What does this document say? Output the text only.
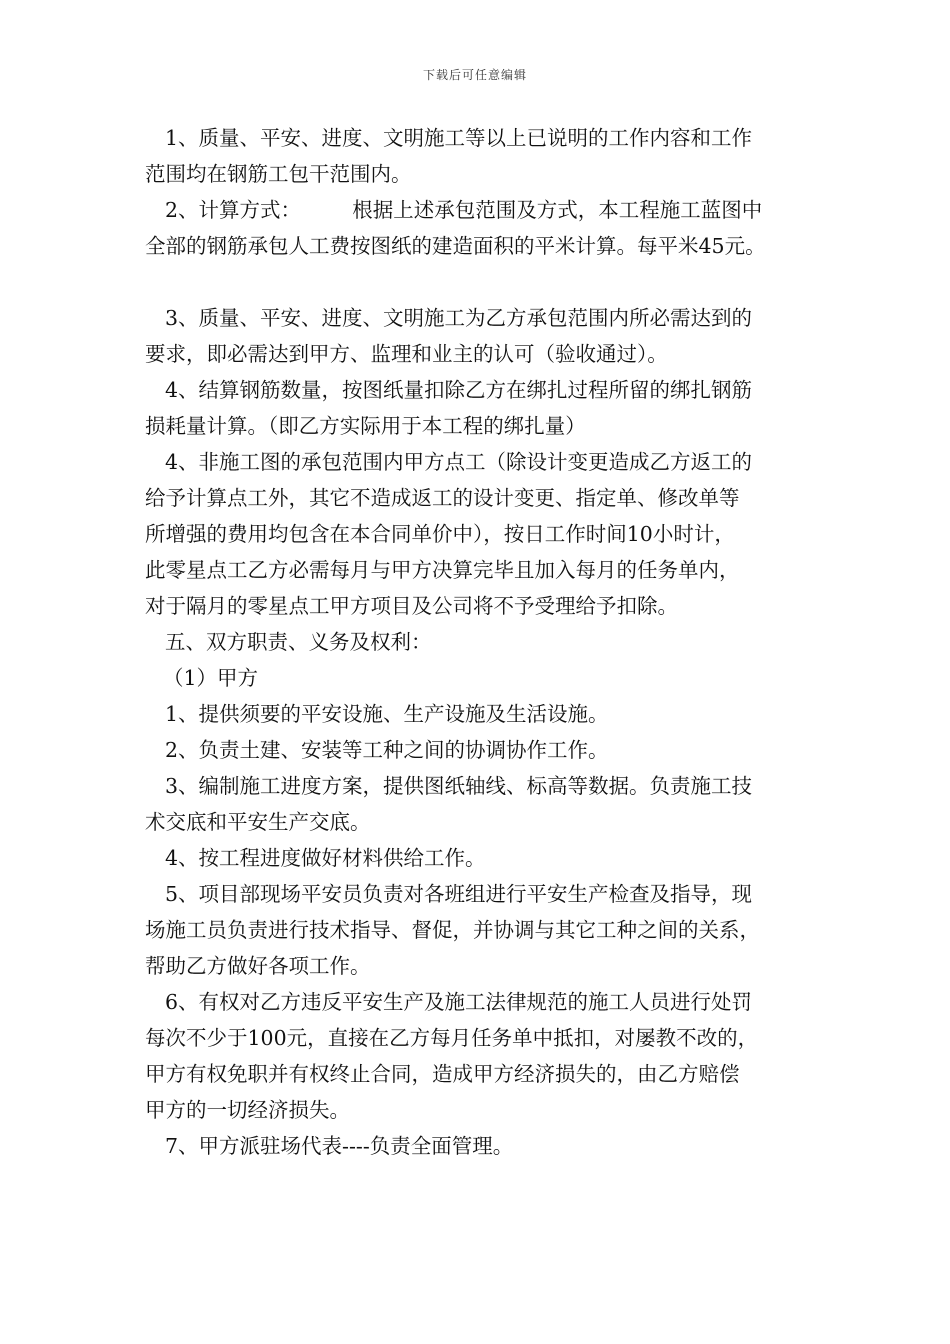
下载后可任意编辑

1、质量、平安、进度、文明施工等以上已说明的工作内容和工作

范围均在钢筋工包干范围内。

2、计算方式：　　　根据上述承包范围及方式，本工程施工蓝图中

全部的钢筋承包人工费按图纸的建造面积的平米计算。每平米45元。

3、质量、平安、进度、文明施工为乙方承包范围内所必需达到的

要求，即必需达到甲方、监理和业主的认可（验收通过）。

4、结算钢筋数量，按图纸量扣除乙方在绑扎过程所留的绑扎钢筋

损耗量计算。（即乙方实际用于本工程的绑扎量）

4、非施工图的承包范围内甲方点工（除设计变更造成乙方返工的

给予计算点工外，其它不造成返工的设计变更、指定单、修改单等

所增强的费用均包含在本合同单价中），按日工作时间10小时计，

此零星点工乙方必需每月与甲方决算完毕且加入每月的任务单内，

对于隔月的零星点工甲方项目及公司将不予受理给予扣除。

五、双方职责、义务及权利：

（1）甲方

1、提供须要的平安设施、生产设施及生活设施。

2、负责土建、安装等工种之间的协调协作工作。

3、编制施工进度方案，提供图纸轴线、标高等数据。负责施工技

术交底和平安生产交底。

4、按工程进度做好材料供给工作。

5、项目部现场平安员负责对各班组进行平安生产检查及指导，现

场施工员负责进行技术指导、督促，并协调与其它工种之间的关系，

帮助乙方做好各项工作。

6、有权对乙方违反平安生产及施工法律规范的施工人员进行处罚

每次不少于100元，直接在乙方每月任务单中抵扣，对屡教不改的，

甲方有权免职并有权终止合同，造成甲方经济损失的，由乙方赔偿

甲方的一切经济损失。

7、甲方派驻场代表----负责全面管理。
